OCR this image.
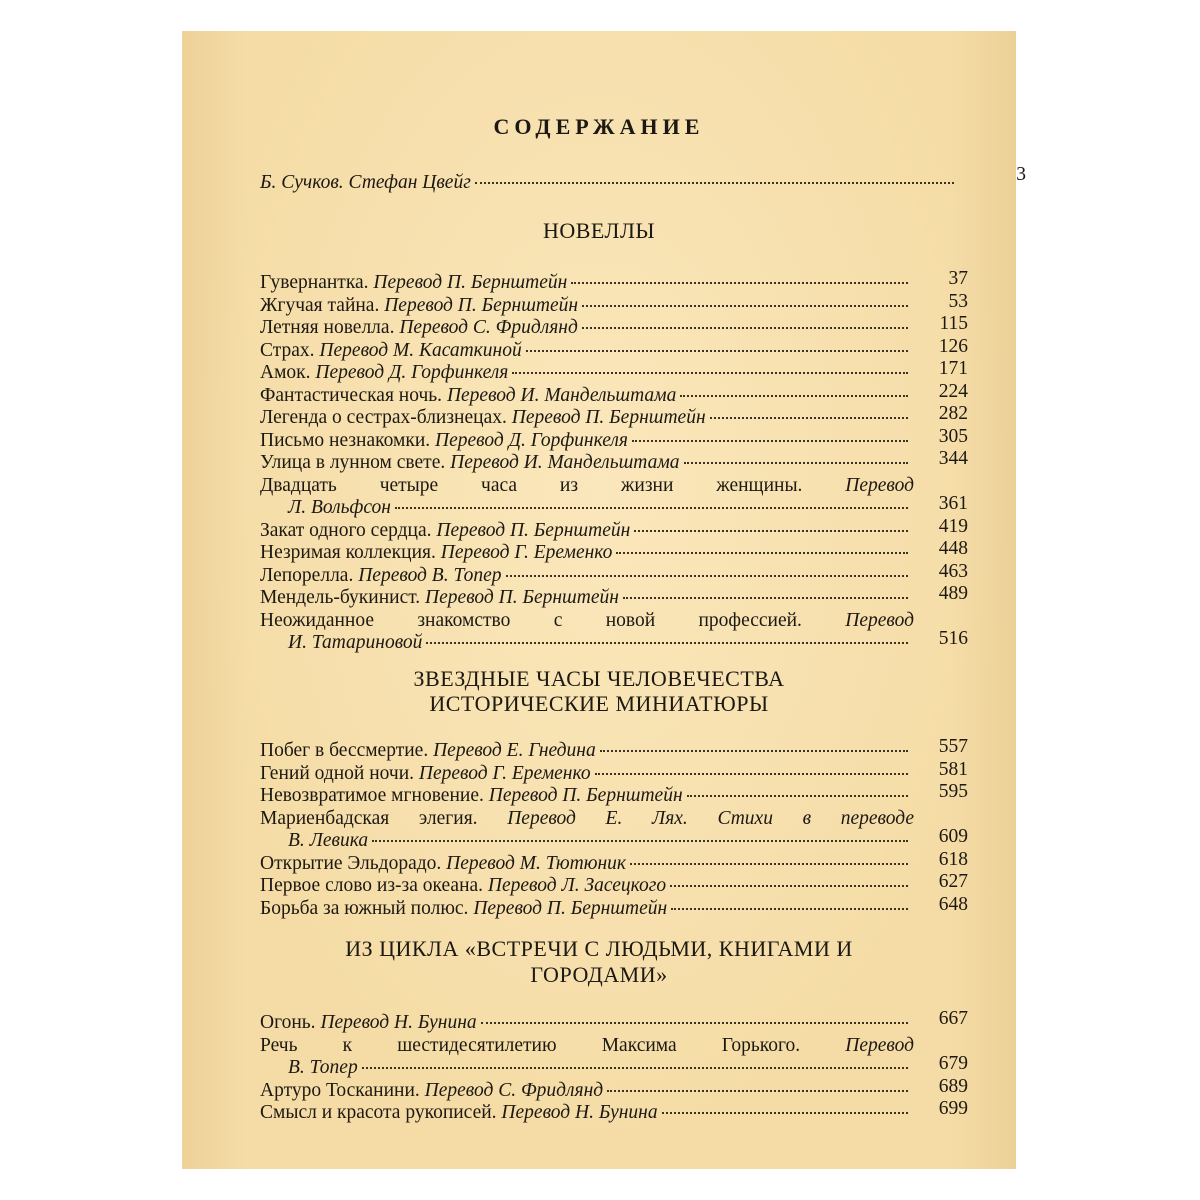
СОДЕРЖАНИЕ
Б. Сучков. Стефан Цвейг	3
НОВЕЛЛЫ
Гувернантка. Перевод П. Бернштейн	37
Жгучая тайна. Перевод П. Бернштейн	53
Летняя новелла. Перевод С. Фридлянд	115
Страх. Перевод М. Касаткиной	126
Амок. Перевод Д. Горфинкеля	171
Фантастическая ночь. Перевод И. Мандельштама	224
Легенда о сестрах-близнецах. Перевод П. Бернштейн	282
Письмо незнакомки. Перевод Д. Горфинкеля	305
Улица в лунном свете. Перевод И. Мандельштама	344
Двадцать четыре часа из жизни женщины. Перевод
Л. Вольфсон	361
Закат одного сердца. Перевод П. Бернштейн	419
Незримая коллекция. Перевод Г. Еременко	448
Лепорелла. Перевод В. Топер	463
Мендель-букинист. Перевод П. Бернштейн	489
Неожиданное знакомство с новой профессией. Перевод
И. Татариновой	516
ЗВЕЗДНЫЕ ЧАСЫ ЧЕЛОВЕЧЕСТВА
ИСТОРИЧЕСКИЕ МИНИАТЮРЫ
Побег в бессмертие. Перевод Е. Гнедина	557
Гений одной ночи. Перевод Г. Еременко	581
Невозвратимое мгновение. Перевод П. Бернштейн	595
Мариенбадская элегия. Перевод Е. Лях. Стихи в переводе
В. Левика	609
Открытие Эльдорадо. Перевод М. Тютюник	618
Первое слово из-за океана. Перевод Л. Засецкого	627
Борьба за южный полюс. Перевод П. Бернштейн	648
ИЗ ЦИКЛА «ВСТРЕЧИ С ЛЮДЬМИ, КНИГАМИ И
ГОРОДАМИ»
Огонь. Перевод Н. Бунина	667
Речь к шестидесятилетию Максима Горького. Перевод
В. Топер	679
Артуро Тосканини. Перевод С. Фридлянд	689
Смысл и красота рукописей. Перевод Н. Бунина	699
